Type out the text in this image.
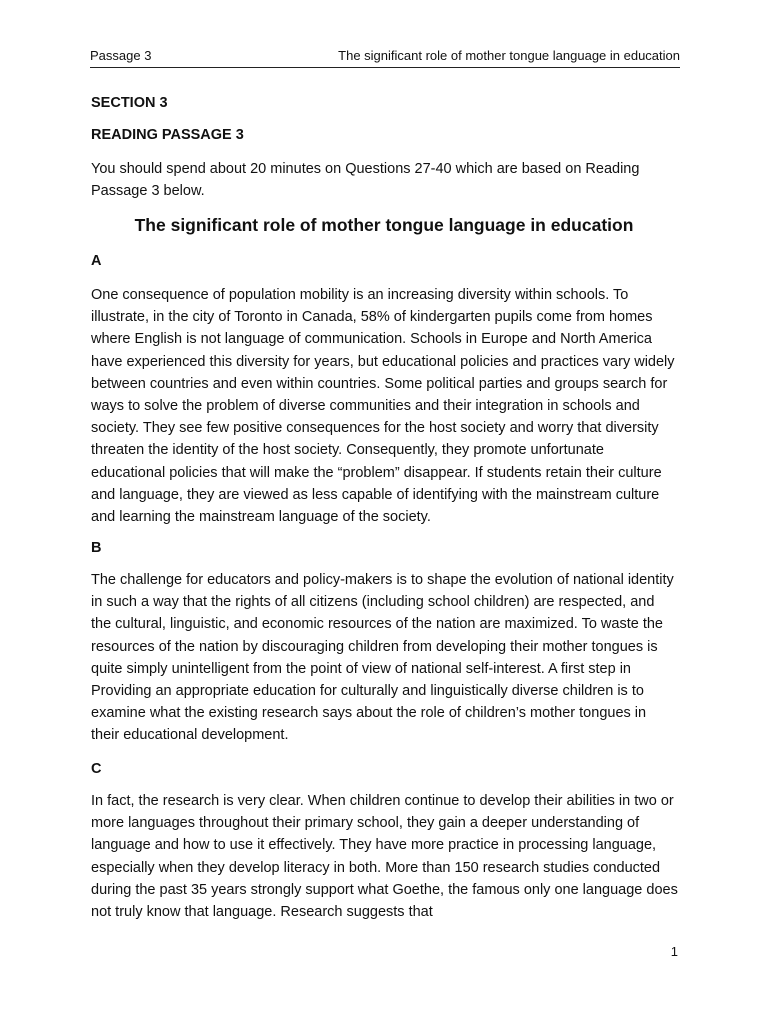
Passage 3	The significant role of mother tongue language in education
SECTION 3
READING PASSAGE 3
You should spend about 20 minutes on Questions 27-40 which are based on Reading Passage 3 below.
The significant role of mother tongue language in education
A
One consequence of population mobility is an increasing diversity within schools. To illustrate, in the city of Toronto in Canada, 58% of kindergarten pupils come from homes where English is not language of communication. Schools in Europe and North America have experienced this diversity for years, but educational policies and practices vary widely between countries and even within countries. Some political parties and groups search for ways to solve the problem of diverse communities and their integration in schools and society. They see few positive consequences for the host society and worry that diversity threaten the identity of the host society. Consequently, they promote unfortunate educational policies that will make the “problem” disappear. If students retain their culture and language, they are viewed as less capable of identifying with the mainstream culture and learning the mainstream language of the society.
B
The challenge for educators and policy-makers is to shape the evolution of national identity in such a way that the rights of all citizens (including school children) are respected, and the cultural, linguistic, and economic resources of the nation are maximized. To waste the resources of the nation by discouraging children from developing their mother tongues is quite simply unintelligent from the point of view of national self-interest. A first step in Providing an appropriate education for culturally and linguistically diverse children is to examine what the existing research says about the role of children’s mother tongues in their educational development.
C
In fact, the research is very clear. When children continue to develop their abilities in two or more languages throughout their primary school, they gain a deeper understanding of language and how to use it effectively. They have more practice in processing language, especially when they develop literacy in both. More than 150 research studies conducted during the past 35 years strongly support what Goethe, the famous only one language does not truly know that language. Research suggests that
1
